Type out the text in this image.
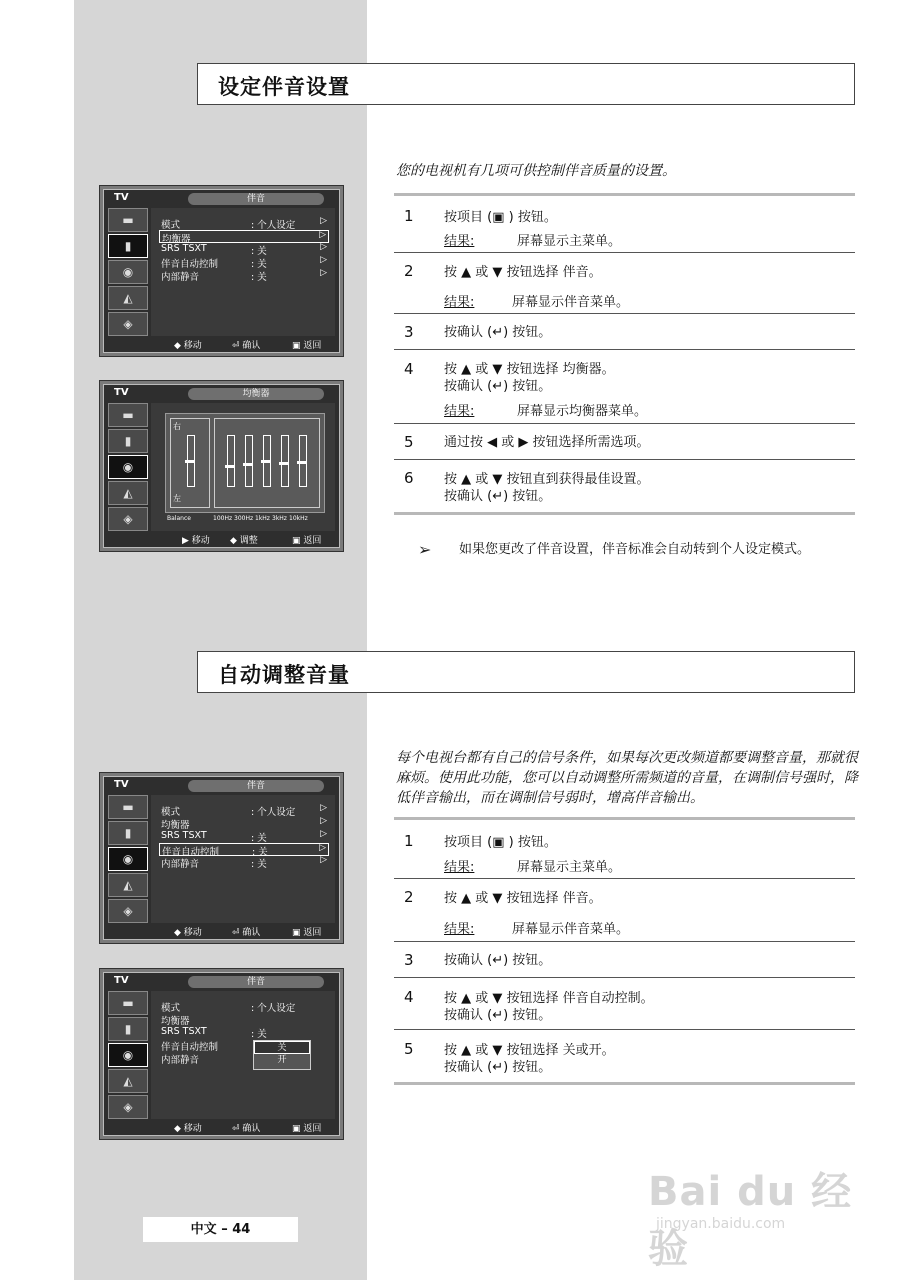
设定伴音设置
您的电视机有几项可供控制伴音质量的设置。
1 按项目 (▣ ) 按钮。
结果:	屏幕显示主菜单。
2 按 ▲ 或 ▼ 按钮选择 伴音。
结果:	屏幕显示伴音菜单。
3 按确认 (↵) 按钮。
4 按 ▲ 或 ▼ 按钮选择 均衡器。
按确认 (↵) 按钮。
结果:	屏幕显示均衡器菜单。
5 通过按 ◀ 或 ▶ 按钮选择所需选项。
6 按 ▲ 或 ▼ 按钮直到获得最佳设置。
按确认 (↵) 按钮。
➢ 如果您更改了伴音设置，伴音标准会自动转到个人设定模式。
TV	伴音
▬
▮
◉
◭
◈
模式	: 个人设定	▷
均衡器	▷
SRS TSXT	: 关	▷
伴音自动控制	: 关	▷
内部静音	: 关	▷
◆ 移动	⏎ 确认	▣ 返回
TV	均衡器
▬
▮
◉
◭
◈
右
左
Balance	100Hz 300Hz 1kHz 3kHz 10kHz
▶ 移动 ◆ 调整	▣ 返回
自动调整音量
每个电视台都有自己的信号条件，如果每次更改频道都要调整音量，那就很麻烦。使用此功能，您可以自动调整所需频道的音量，在调制信号强时，降低伴音输出，而在调制信号弱时，增高伴音输出。
1 按项目 (▣ ) 按钮。
结果:	屏幕显示主菜单。
2 按 ▲ 或 ▼ 按钮选择 伴音。
结果:	屏幕显示伴音菜单。
3 按确认 (↵) 按钮。
4 按 ▲ 或 ▼ 按钮选择 伴音自动控制。
按确认 (↵) 按钮。
5 按 ▲ 或 ▼ 按钮选择 关或开。
按确认 (↵) 按钮。
TV	伴音
▬
▮
◉
◭
◈
模式	: 个人设定	▷
均衡器	▷
SRS TSXT	: 关	▷
伴音自动控制	: 关	▷
内部静音	: 关	▷
◆ 移动	⏎ 确认	▣ 返回
TV	伴音
▬
▮
◉
◭
◈
模式	: 个人设定
均衡器
SRS TSXT	: 关
伴音自动控制
内部静音
关
开
◆ 移动	⏎ 确认	▣ 返回
中文 – 44
Bai du 经验
jingyan.baidu.com
